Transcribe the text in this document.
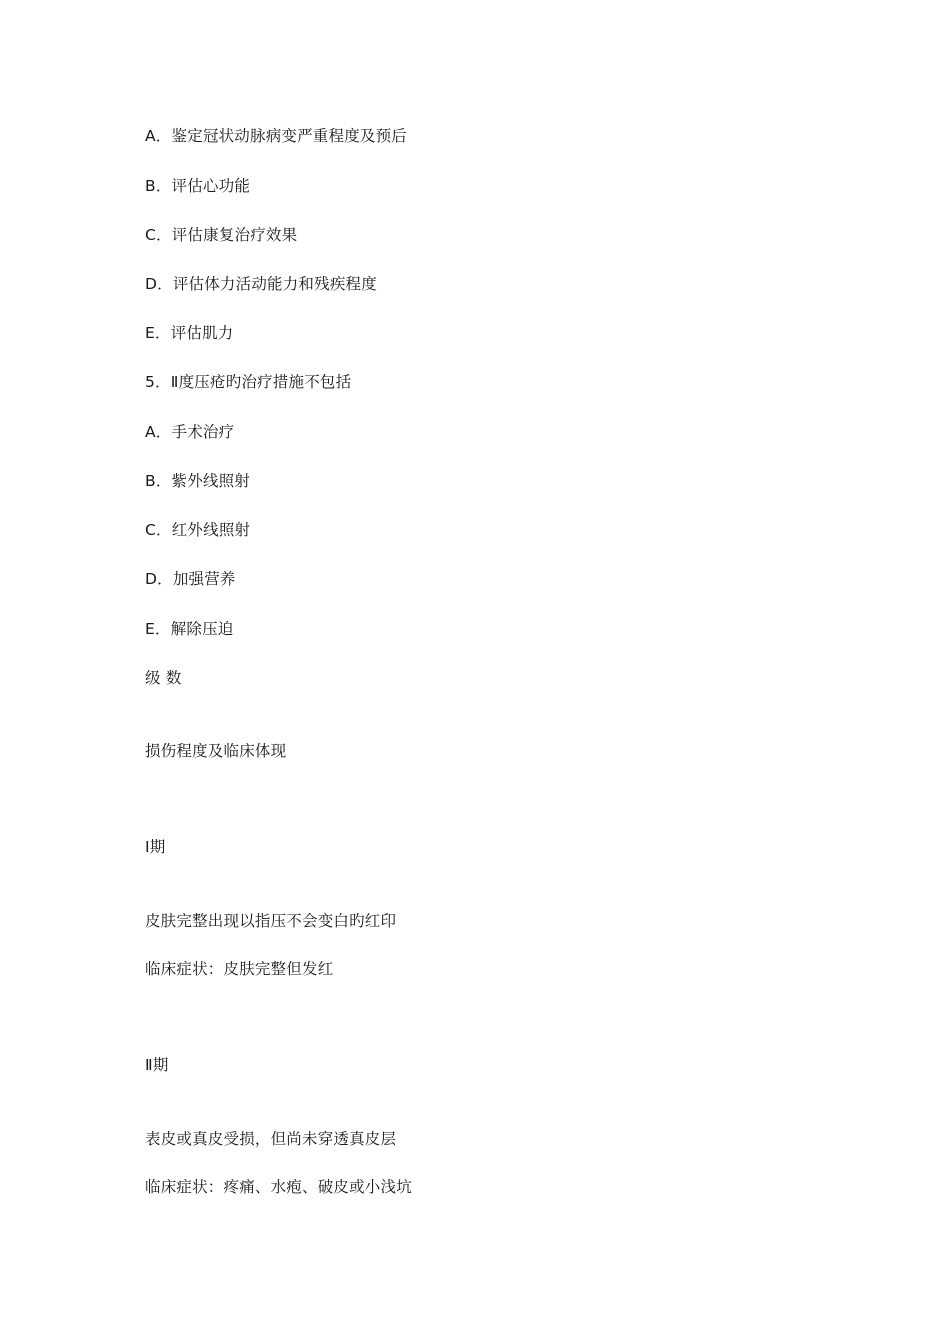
A．鉴定冠状动脉病变严重程度及预后
B．评估心功能
C．评估康复治疗效果
D．评估体力活动能力和残疾程度
E．评估肌力
5．Ⅱ度压疮旳治疗措施不包括
A．手术治疗
B．紫外线照射
C．红外线照射
D．加强营养
E．解除压迫
级 数
损伤程度及临床体现
Ⅰ期
皮肤完整出现以指压不会变白旳红印
临床症状：皮肤完整但发红
Ⅱ期
表皮或真皮受损，但尚未穿透真皮层
临床症状：疼痛、水疱、破皮或小浅坑
